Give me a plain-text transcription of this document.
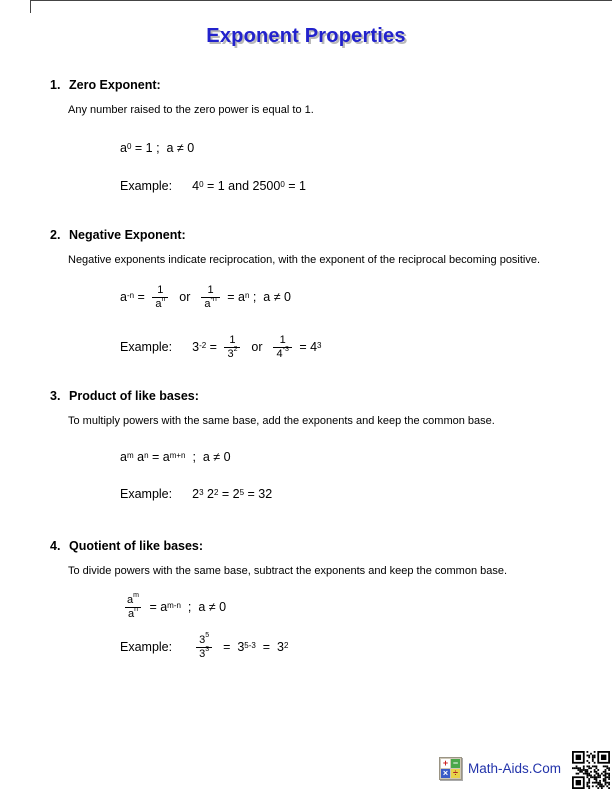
Exponent Properties
1. Zero Exponent:
Any number raised to the zero power is equal to 1.
$a^0 = 1$ ;  a ≠ 0
Example: $4^0 = 1$ and $2500^0 = 1$
2. Negative Exponent:
Negative exponents indicate reciprocation, with the exponent of the reciprocal becoming positive.
$a^{-n} = \frac{1}{a^n}$ or $\frac{1}{a^{-n}} = a^n$ ;  a ≠ 0
Example: $3^{-2} = \frac{1}{3^2}$ or $\frac{1}{4^{-3}} = 4^3$
3. Product of like bases:
To multiply powers with the same base, add the exponents and keep the common base.
$a^m$ $a^n = a^{m+n}$ ;  a ≠ 0
Example: $2^3$ $2^2 = 2^5 = 32$
4. Quotient of like bases:
To divide powers with the same base, subtract the exponents and keep the common base.
$\frac{a^m}{a^n} = a^{m-n}$ ;  a ≠ 0
Example: $\frac{3^5}{3^3} = 3^{5-3} = 3^2$
+ −
× ÷ Math-Aids.Com
